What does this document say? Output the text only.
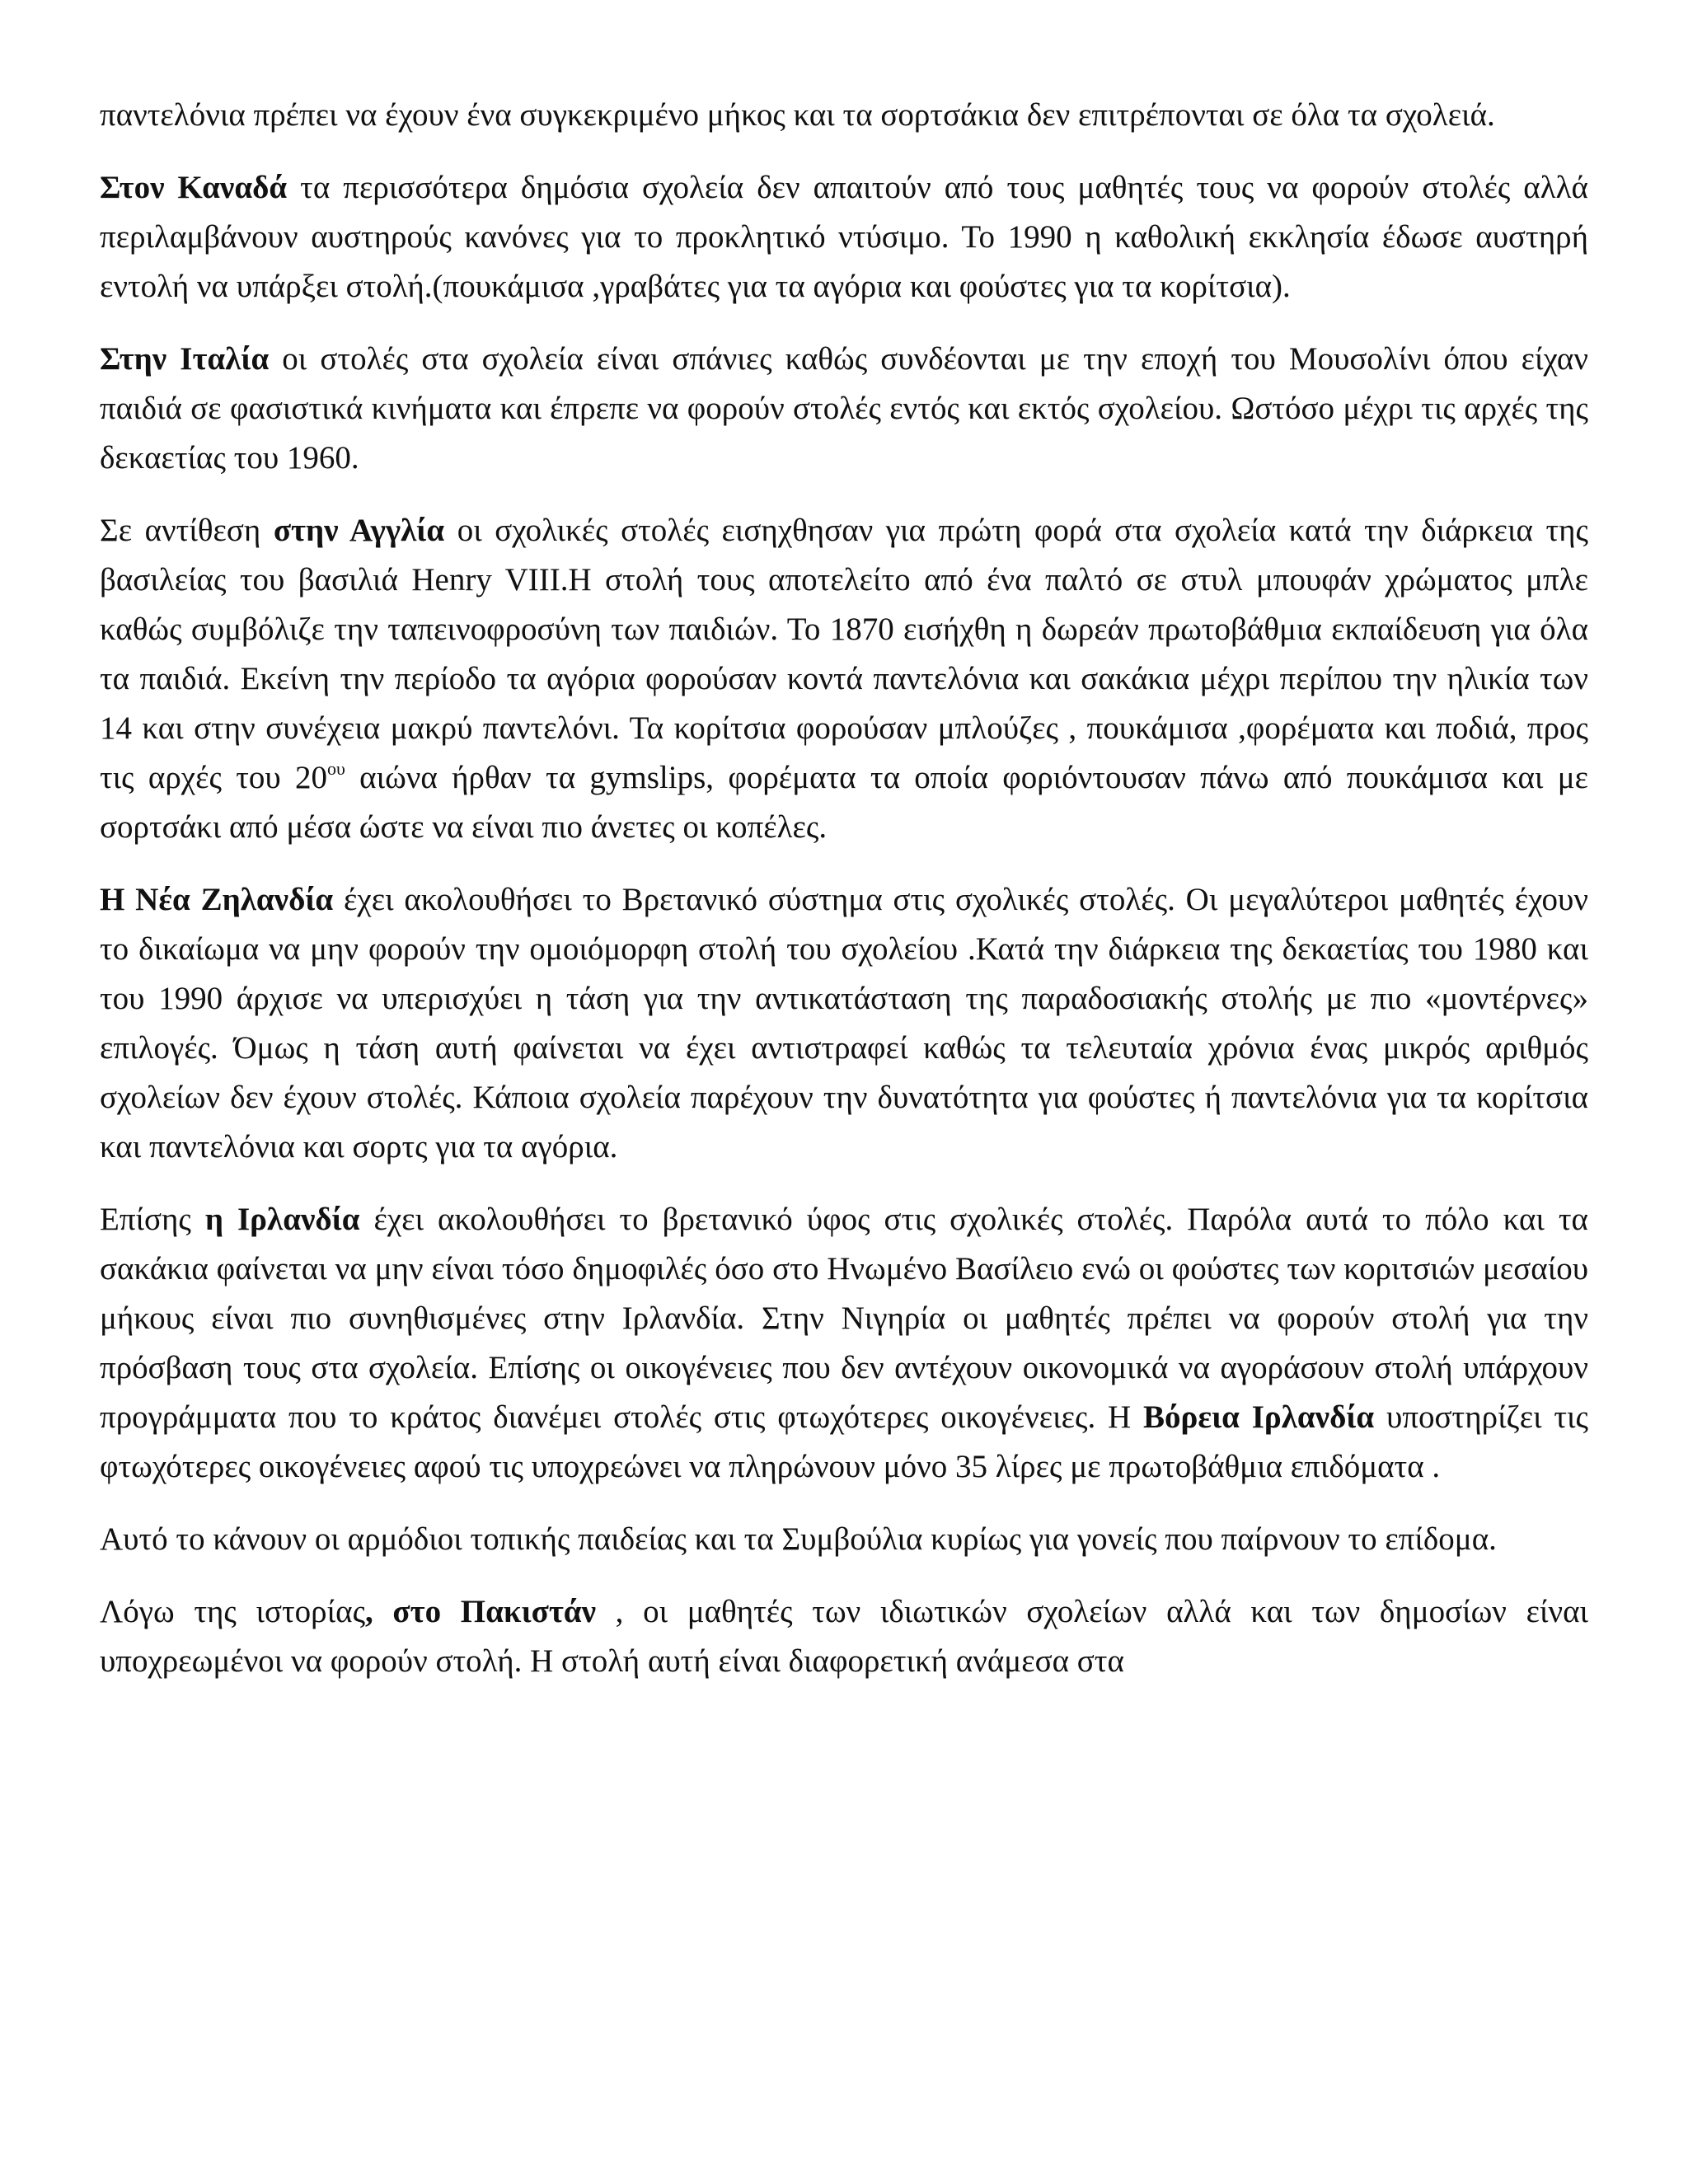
παντελόνια πρέπει να έχουν ένα συγκεκριμένο μήκος και τα σορτσάκια δεν επιτρέπονται σε όλα τα σχολειά.

Στον Καναδά τα περισσότερα δημόσια σχολεία δεν απαιτούν από τους μαθητές τους να φορούν στολές αλλά περιλαμβάνουν αυστηρούς κανόνες για το προκλητικό ντύσιμο. Το 1990 η καθολική εκκλησία έδωσε αυστηρή εντολή να υπάρξει στολή.(πουκάμισα ,γραβάτες για τα αγόρια και φούστες για τα κορίτσια).

Στην Ιταλία οι στολές στα σχολεία είναι σπάνιες καθώς συνδέονται με την εποχή του Μουσολίνι όπου είχαν παιδιά σε φασιστικά κινήματα και έπρεπε να φορούν στολές εντός και εκτός σχολείου. Ωστόσο μέχρι τις αρχές της δεκαετίας του 1960.

Σε αντίθεση στην Αγγλία οι σχολικές στολές εισηχθησαν για πρώτη φορά στα σχολεία κατά την διάρκεια της βασιλείας του βασιλιά Henry VIII.Η στολή τους αποτελείτο από ένα παλτό σε στυλ μπουφάν χρώματος μπλε καθώς συμβόλιζε την ταπεινοφροσύνη των παιδιών. Το 1870 εισήχθη η δωρεάν πρωτοβάθμια εκπαίδευση για όλα τα παιδιά. Εκείνη την περίοδο τα αγόρια φορούσαν κοντά παντελόνια και σακάκια μέχρι περίπου την ηλικία των 14 και στην συνέχεια μακρύ παντελόνι. Τα κορίτσια φορούσαν μπλούζες , πουκάμισα ,φορέματα και ποδιά, προς τις αρχές του $20^{o\upsilon}$ αιώνα ήρθαν τα gymslips, φορέματα τα οποία φοριόντουσαν πάνω από πουκάμισα και με σορτσάκι από μέσα ώστε να είναι πιο άνετες οι κοπέλες.

Η Νέα Ζηλανδία έχει ακολουθήσει το Βρετανικό σύστημα στις σχολικές στολές. Οι μεγαλύτεροι μαθητές έχουν το δικαίωμα να μην φορούν την ομοιόμορφη στολή του σχολείου .Κατά την διάρκεια της δεκαετίας του 1980 και του 1990 άρχισε να υπερισχύει η τάση για την αντικατάσταση της παραδοσιακής στολής με πιο «μοντέρνες» επιλογές. Όμως η τάση αυτή φαίνεται να έχει αντιστραφεί καθώς τα τελευταία χρόνια ένας μικρός αριθμός σχολείων δεν έχουν στολές. Κάποια σχολεία παρέχουν την δυνατότητα για φούστες ή παντελόνια για τα κορίτσια και παντελόνια και σορτς για τα αγόρια.

Επίσης η Ιρλανδία έχει ακολουθήσει το βρετανικό ύφος στις σχολικές στολές. Παρόλα αυτά το πόλο και τα σακάκια φαίνεται να μην είναι τόσο δημοφιλές όσο στο Ηνωμένο Βασίλειο ενώ οι φούστες των κοριτσιών μεσαίου μήκους είναι πιο συνηθισμένες στην Ιρλανδία. Στην Νιγηρία οι μαθητές πρέπει να φορούν στολή για την πρόσβαση τους στα σχολεία. Επίσης οι οικογένειες που δεν αντέχουν οικονομικά να αγοράσουν στολή υπάρχουν προγράμματα που το κράτος διανέμει στολές στις φτωχότερες οικογένειες. Η Βόρεια Ιρλανδία υποστηρίζει τις φτωχότερες οικογένειες αφού τις υποχρεώνει να πληρώνουν μόνο 35 λίρες με πρωτοβάθμια επιδόματα .

Αυτό το κάνουν οι αρμόδιοι τοπικής παιδείας και τα Συμβούλια κυρίως για γονείς που παίρνουν το επίδομα.

Λόγω της ιστορίας, στο Πακιστάν , οι μαθητές των ιδιωτικών σχολείων αλλά και των δημοσίων είναι υποχρεωμένοι να φορούν στολή. Η στολή αυτή είναι διαφορετική ανάμεσα στα
